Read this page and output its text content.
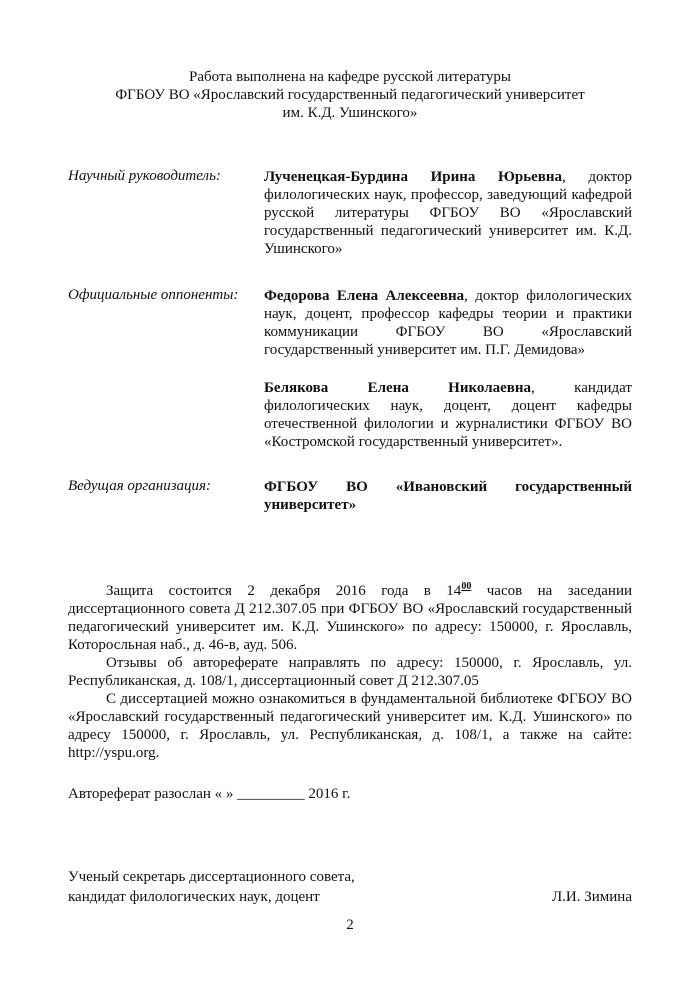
Работа выполнена на кафедре русской литературы
ФГБОУ ВО «Ярославский государственный педагогический университет
им. К.Д. Ушинского»
Научный руководитель:	Лученецкая-Бурдина Ирина Юрьевна, доктор филологических наук, профессор, заведующий кафедрой русской литературы ФГБОУ ВО «Ярославский государственный педагогический университет им. К.Д. Ушинского»
Официальные оппоненты: Федорова Елена Алексеевна, доктор филологических наук, доцент, профессор кафедры теории и практики коммуникации ФГБОУ ВО «Ярославский государственный университет им. П.Г. Демидова»
Белякова Елена Николаевна, кандидат филологических наук, доцент, доцент кафедры отечественной филологии и журналистики ФГБОУ ВО «Костромской государственный университет».
Ведущая организация:	ФГБОУ ВО «Ивановский государственный университет»

Защита состоится 2 декабря 2016 года в $14^{00}$ часов на заседании диссертационного совета Д 212.307.05 при ФГБОУ ВО «Ярославский государственный педагогический университет им. К.Д. Ушинского» по адресу: 150000, г. Ярославль, Которосльная наб., д. 46-в, ауд. 506.

Отзывы об автореферате направлять по адресу: 150000, г. Ярославль, ул. Республиканская, д. 108/1, диссертационный совет Д 212.307.05

С диссертацией можно ознакомиться в фундаментальной библиотеке ФГБОУ ВО «Ярославский государственный педагогический университет им. К.Д. Ушинского» по адресу 150000, г. Ярославль, ул. Республиканская, д. 108/1, а также на сайте: http://yspu.org.

Автореферат разослан « » _________ 2016 г.
Ученый секретарь диссертационного совета,
кандидат филологических наук, доцент	Л.И. Зимина
2
